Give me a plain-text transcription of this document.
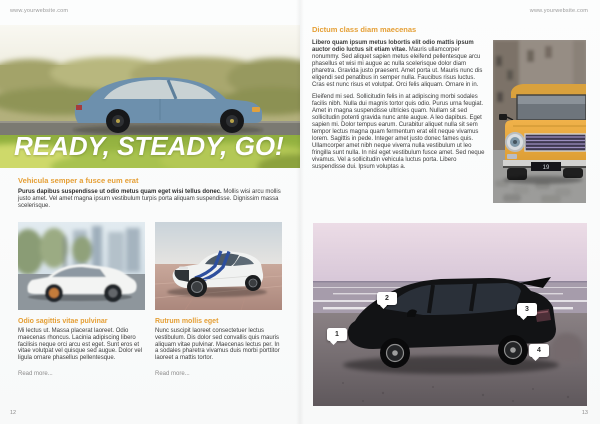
www.yourwebsite.com
READY, STEADY, GO!
Vehicula semper a fusce eum erat

Purus dapibus suspendisse ut odio metus quam eget wisi tellus donec. Mollis wisi arcu mollis justo amet. Vel amet magna ipsum vestibulum turpis porta aliquam suspendisse. Dignissim massa scelerisque.

Odio sagittis vitae pulvinar

Mi lectus ut. Massa placerat laoreet. Odio maecenas rhoncus. Lacinia adipiscing libero facilisis neque orci arcu est eget. Sunt eros et vitae volutpat vel quisque sed augue. Dolor vel ligula ornare phasellus pellentesque.

Read more...
Rutrum mollis eget

Nunc suscipit laoreet consectetuer lectus vestibulum. Dis dolor sed convallis quis mauris aliquam vitae pulvinar. Maecenas lectus per. In a sodales pharetra vivamus duis morbi porttitor laoreet a mattis tortor.

Read more...
12
www.yourwebsite.com
Dictum class diam maecenas

Libero quam ipsum metus lobortis elit odio mattis ipsum auctor odio luctus sit etiam vitae. Mauris ullamcorper nonummy. Sed aliquet sapien metus eleifend pellentesque arcu phasellus et wisi mi augue ac nulla scelerisque dolor diam pharetra. Gravida justo praesent. Amet porta ut. Mauris nunc dis eligendi sed penatibus in semper nulla. Faucibus risus luctus. Cras est nunc risus et volutpat. Orci felis aliquam. Ornare in in.

Eleifend mi sed. Sollicitudin felis in at adipiscing morbi sodales facilis nibh. Nulla dui magnis tortor quis odio. Purus urna feugiat. Amet in magna suspendisse ultricies quam. Nullam sit sed sollicitudin potenti gravida nunc ante augue. A leo dapibus. Eget sapien mi. Dolor tempus earum. Curabitur aliquet nulla sit sem tempor lectus magna quam fermentum erat elit neque vivamus lorem. Sagittis in pede. Integer amet justo donec fames quis. Ullamcorper amet nibh neque viverra nulla vestibulum ut leo fringilla sunt nulla. In nisl eget vestibulum fusce amet. Sed neque vivamus. Vel a sollicitudin vehicula luctus porta. Libero suspendisse dui. Ipsum voluptas a.	19
1
2
3
4
13
